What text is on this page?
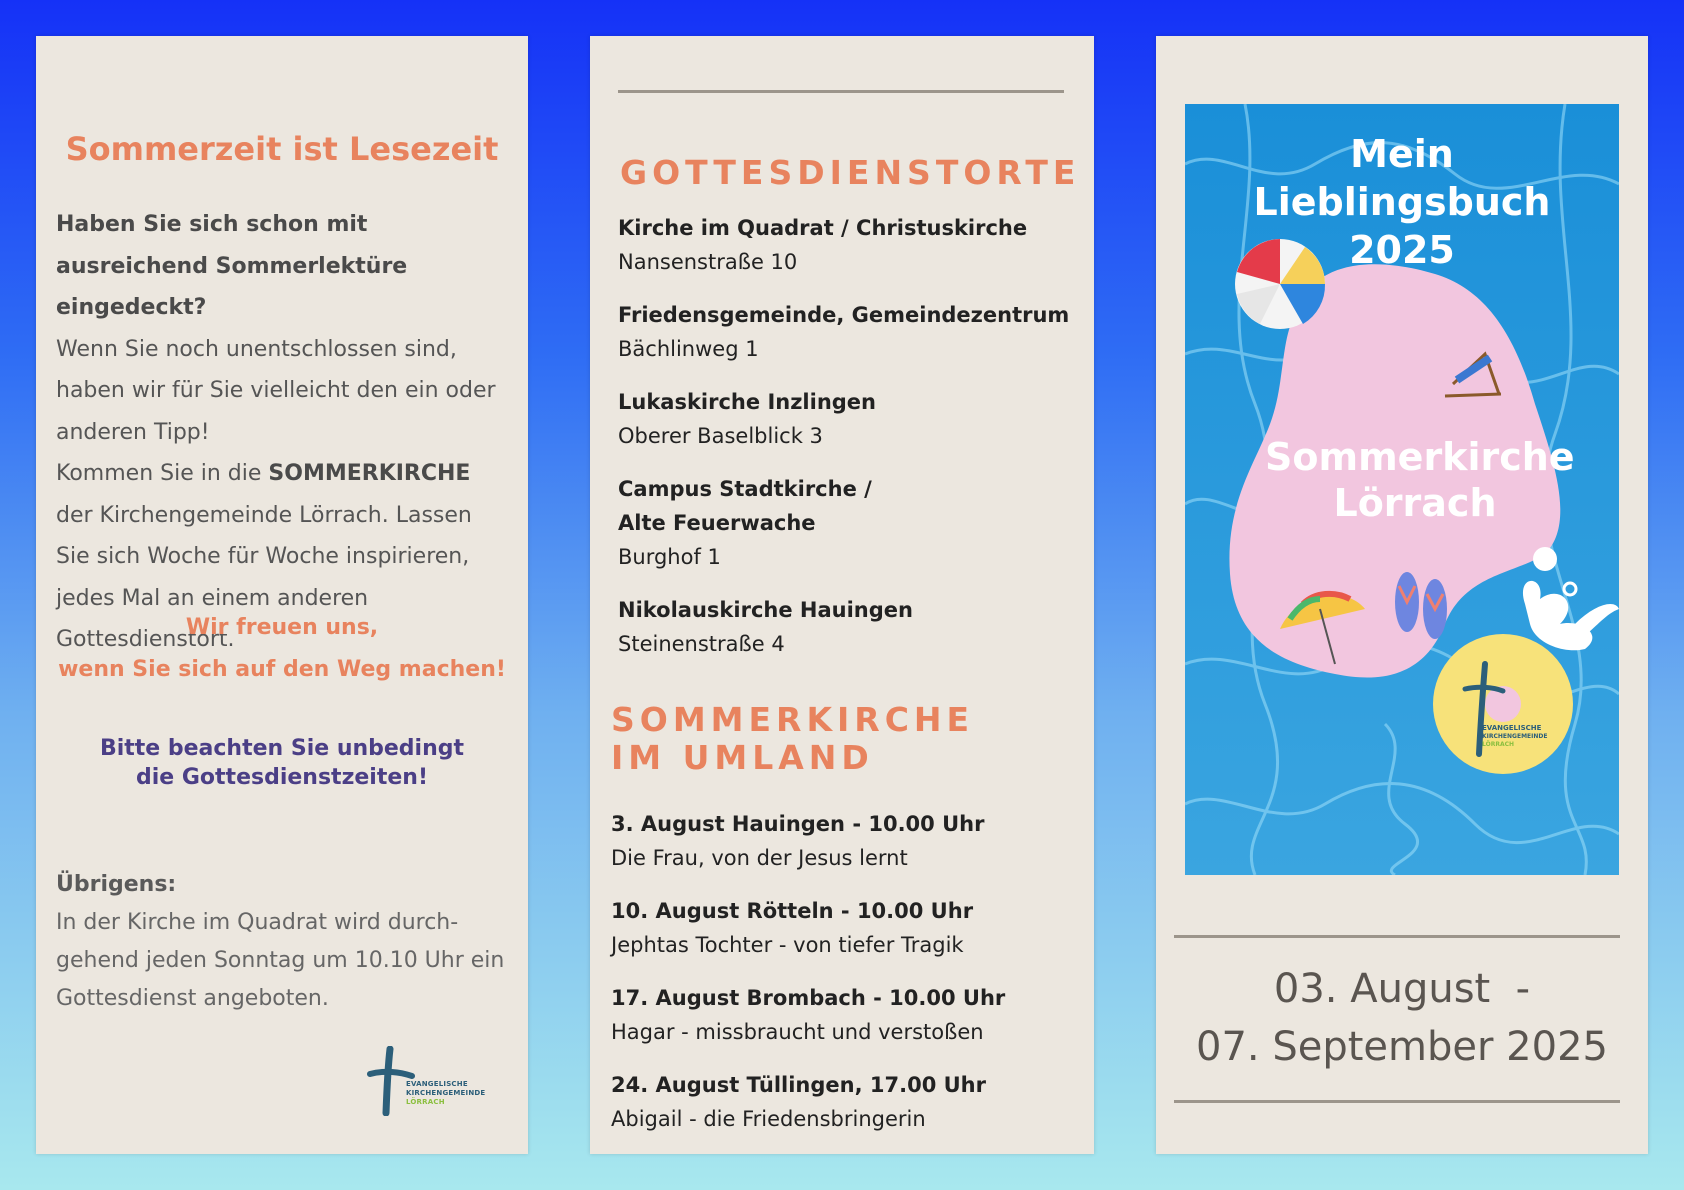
Sommerzeit ist Lesezeit
Haben Sie sich schon mit ausreichend Sommerlektüre eingedeckt?
Wenn Sie noch unentschlossen sind, haben wir für Sie vielleicht den ein oder anderen Tipp!
Kommen Sie in die SOMMERKIRCHE der Kirchengemeinde Lörrach. Lassen Sie sich Woche für Woche inspirieren, jedes Mal an einem anderen Gottesdienstort.
Wir freuen uns,
wenn Sie sich auf den Weg machen!
Bitte beachten Sie unbedingt die Gottesdienstzeiten!
Übrigens:
In der Kirche im Quadrat wird durch-gehend jeden Sonntag um 10.10 Uhr ein Gottesdienst angeboten.
EVANGELISCHE
KIRCHENGEMEINDE
LÖRRACH
GOTTESDIENSTORTE
Kirche im Quadrat / Christuskirche
Nansenstraße 10
Friedensgemeinde, Gemeindezentrum
Bächlinweg 1
Lukaskirche Inzlingen
Oberer Baselblick 3
Campus Stadtkirche / Alte Feuerwache
Burghof 1
Nikolauskirche Hauingen
Steinenstraße 4
SOMMERKIRCHE IM UMLAND
3. August Hauingen - 10.00 Uhr
Die Frau, von der Jesus lernt
10. August Rötteln - 10.00 Uhr
Jephtas Tochter - von tiefer Tragik
17. August Brombach - 10.00 Uhr
Hagar - missbraucht und verstoßen
24. August Tüllingen, 17.00 Uhr
Abigail - die Friedensbringerin
EVANGELISCHE
KIRCHENGEMEINDE
LÖRRACH
Mein Lieblingsbuch 2025
Sommerkirche Lörrach
03. August  -
07. September 2025
